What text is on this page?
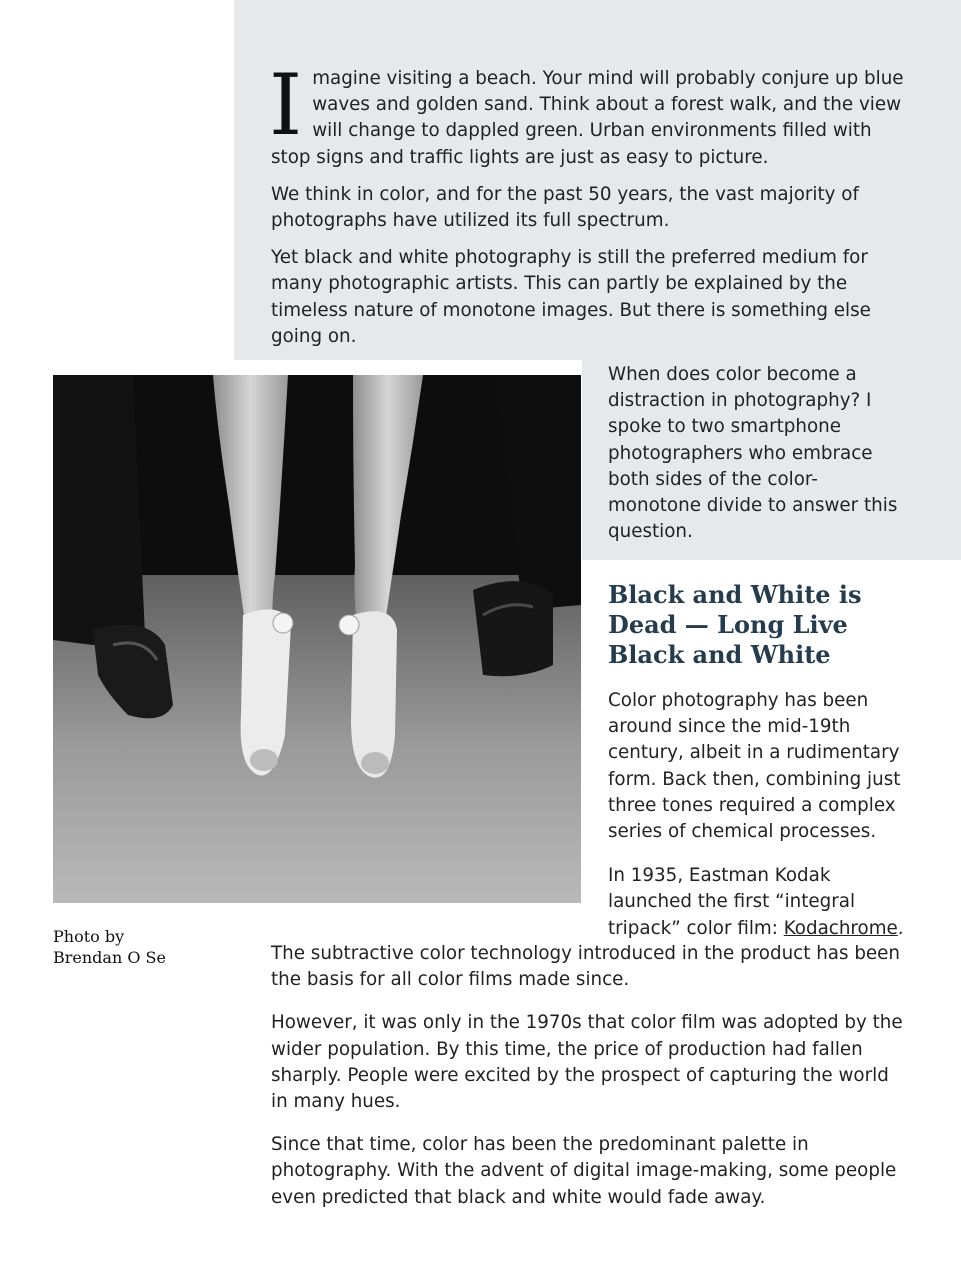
Imagine visiting a beach. Your mind will probably conjure up blue waves and golden sand. Think about a forest walk, and the view will change to dappled green. Urban environments filled with stop signs and traffic lights are just as easy to picture.

We think in color, and for the past 50 years, the vast majority of photographs have utilized its full spectrum.

Yet black and white photography is still the preferred medium for many photographic artists. This can partly be explained by the timeless nature of monotone images. But there is something else going on.

Photo by
Brendan O Se

When does color become a distraction in photography? I spoke to two smartphone photographers who embrace both sides of the color-monotone divide to answer this question.

Black and White is Dead — Long Live Black and White

Color photography has been around since the mid-19th century, albeit in a rudimentary form. Back then, combining just three tones required a complex series of chemical processes.

In 1935, Eastman Kodak launched the first “integral tripack” color film: Kodachrome.

The subtractive color technology introduced in the product has been the basis for all color films made since.

However, it was only in the 1970s that color film was adopted by the wider population. By this time, the price of production had fallen sharply. People were excited by the prospect of capturing the world in many hues.

Since that time, color has been the predominant palette in photography. With the advent of digital image-making, some people even predicted that black and white would fade away.
